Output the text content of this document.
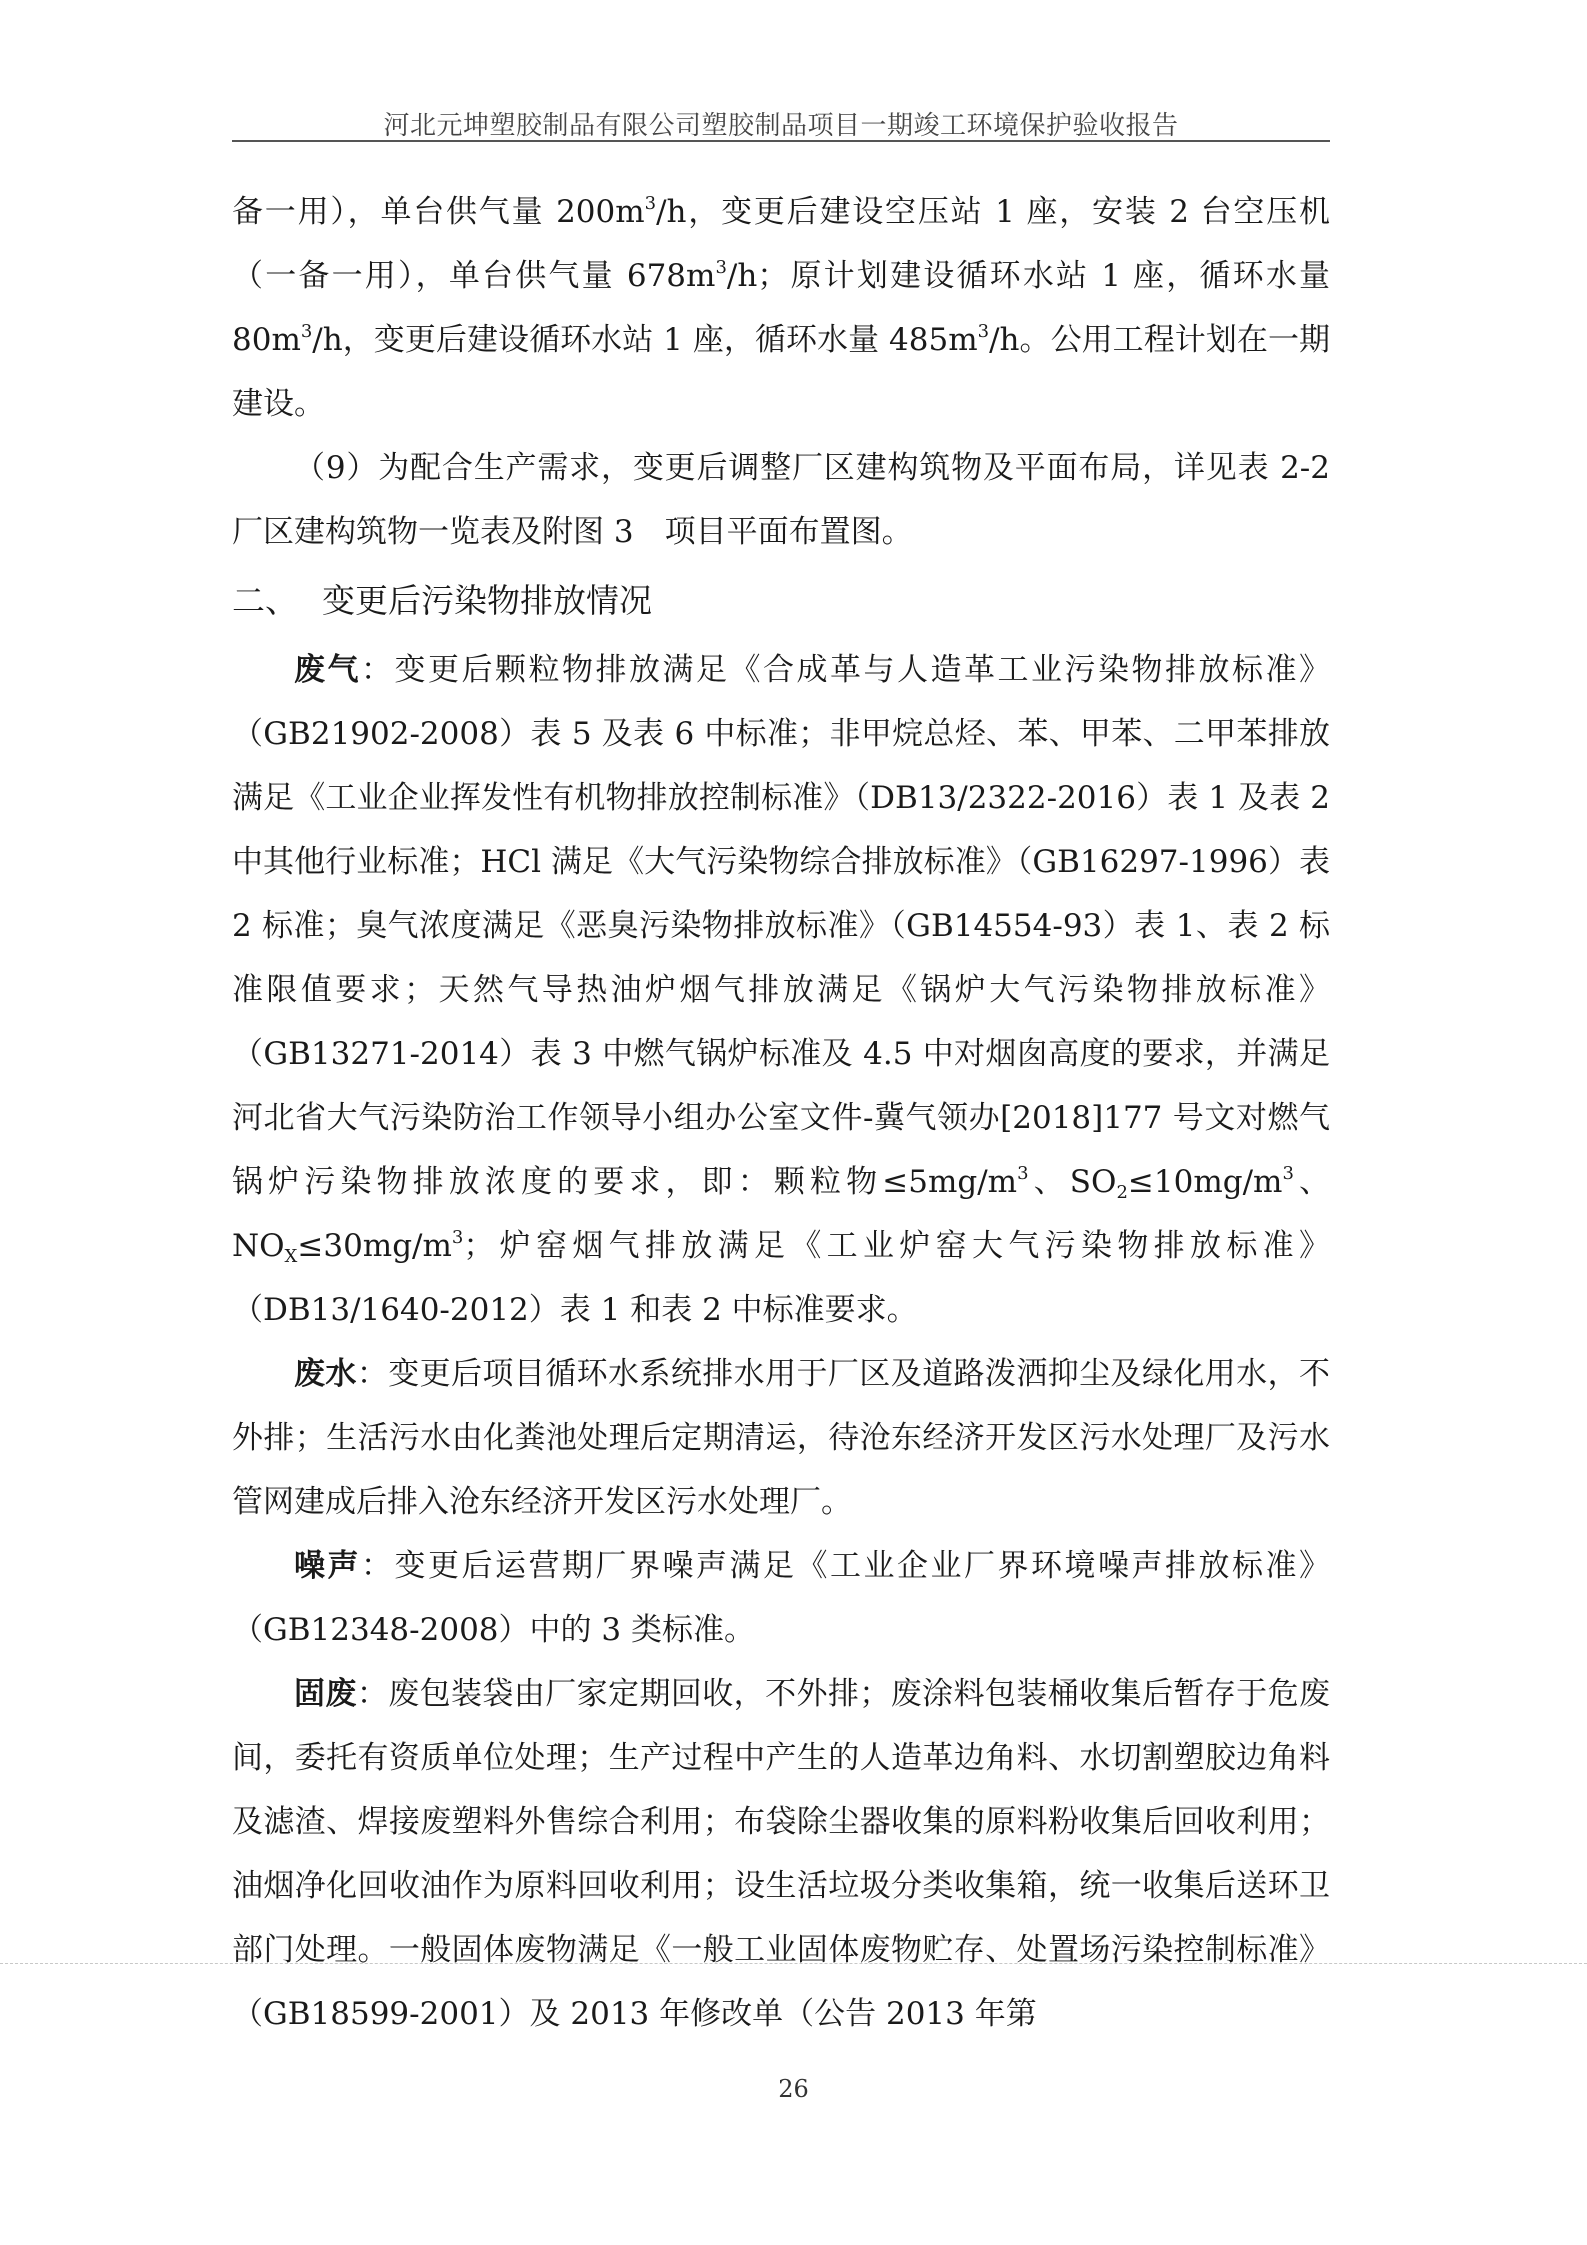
河北元坤塑胶制品有限公司塑胶制品项目一期竣工环境保护验收报告

备一用），单台供气量 $200m^3/h$，变更后建设空压站 1 座，安装 2 台空压机（一备一用），单台供气量 $678m^3/h$；原计划建设循环水站 1 座，循环水量 $80m^3/h$，变更后建设循环水站 1 座，循环水量 $485m^3/h$。公用工程计划在一期建设。

（9）为配合生产需求，变更后调整厂区建构筑物及平面布局，详见表 2-2 厂区建构筑物一览表及附图 3　项目平面布置图。

二、 变更后污染物排放情况

废气：变更后颗粒物排放满足《合成革与人造革工业污染物排放标准》（GB21902-2008）表 5 及表 6 中标准；非甲烷总烃、苯、甲苯、二甲苯排放满足《工业企业挥发性有机物排放控制标准》（DB13/2322-2016）表 1 及表 2 中其他行业标准；HCl 满足《大气污染物综合排放标准》（GB16297-1996）表 2 标准；臭气浓度满足《恶臭污染物排放标准》（GB14554-93）表 1、表 2 标准限值要求；天然气导热油炉烟气排放满足《锅炉大气污染物排放标准》（GB13271-2014）表 3 中燃气锅炉标准及 4.5 中对烟囱高度的要求，并满足河北省大气污染防治工作领导小组办公室文件-冀气领办[2018]177 号文对燃气锅炉污染物排放浓度的要求，即：颗粒物$\le 5mg/m^3$、$SO_2\le 10mg/m^3$、$NO_X\le 30mg/m^3$；炉窑烟气排放满足《工业炉窑大气污染物排放标准》（DB13/1640-2012）表 1 和表 2 中标准要求。

废水：变更后项目循环水系统排水用于厂区及道路泼洒抑尘及绿化用水，不外排；生活污水由化粪池处理后定期清运，待沧东经济开发区污水处理厂及污水管网建成后排入沧东经济开发区污水处理厂。

噪声：变更后运营期厂界噪声满足《工业企业厂界环境噪声排放标准》（GB12348-2008）中的 3 类标准。

固废：废包装袋由厂家定期回收，不外排；废涂料包装桶收集后暂存于危废间，委托有资质单位处理；生产过程中产生的人造革边角料、水切割塑胶边角料及滤渣、焊接废塑料外售综合利用；布袋除尘器收集的原料粉收集后回收利用；油烟净化回收油作为原料回收利用；设生活垃圾分类收集箱，统一收集后送环卫部门处理。一般固体废物满足《一般工业固体废物贮存、处置场污染控制标准》（GB18599-2001）及 2013 年修改单（公告 2013 年第

26
